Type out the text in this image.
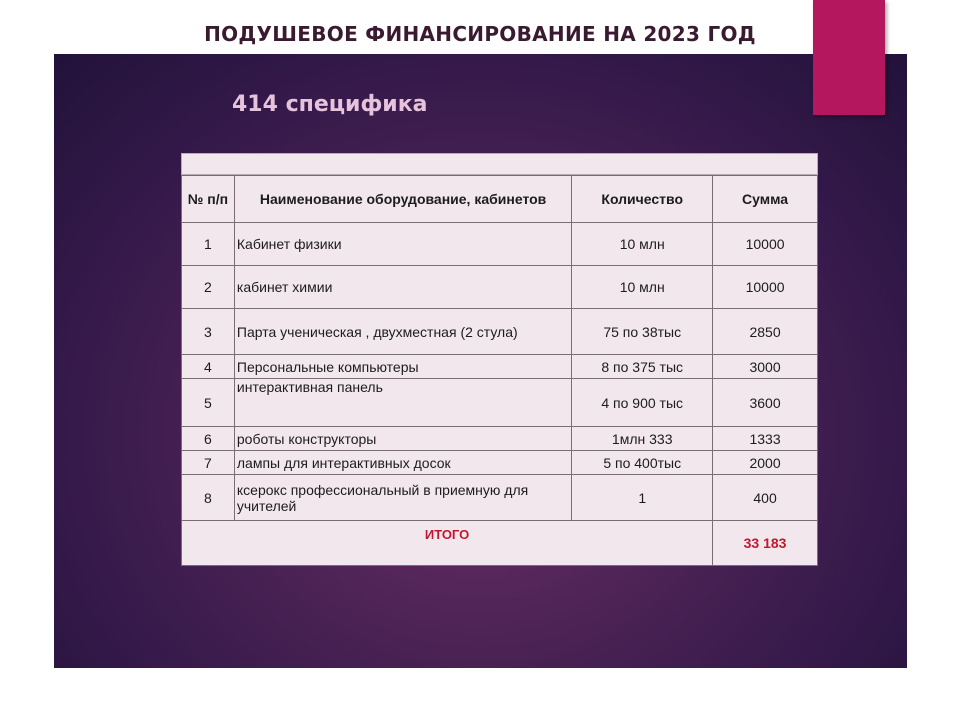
ПОДУШЕВОЕ ФИНАНСИРОВАНИЕ НА 2023 ГОД
414 специфика
№ п/п	Наименование оборудование, кабинетов	Количество	Сумма
1	Кабинет физики	10 млн	10000
2	кабинет химии	10 млн	10000
3	Парта ученическая , двухместная (2 стула)	75 по 38тыс	2850
4	Персональные компьютеры	8 по 375 тыс	3000
5	интерактивная панель	4 по 900 тыс	3600
6	роботы конструкторы	1млн 333	1333
7	лампы для интерактивных досок	5 по 400тыс	2000
8	ксерокс профессиональный в приемную для учителей	1	400
ИТОГО			33 183
